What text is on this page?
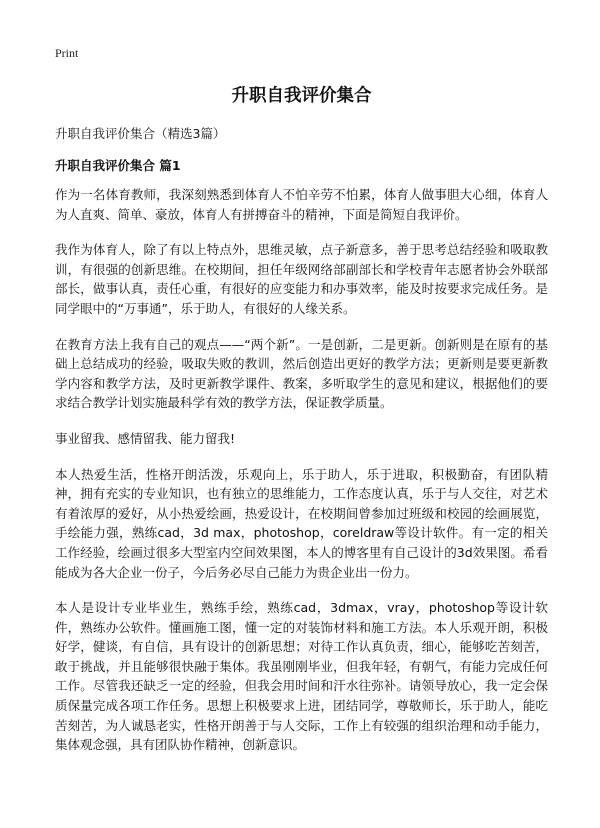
Print
升职自我评价集合

升职自我评价集合（精选3篇）

升职自我评价集合 篇1

作为一名体育教师，我深刻熟悉到体育人不怕辛劳不怕累，体育人做事胆大心细，体育人为人直爽、简单、豪放，体育人有拼搏奋斗的精神，下面是简短自我评价。

我作为体育人，除了有以上特点外，思维灵敏，点子新意多，善于思考总结经验和吸取教训，有很强的创新思维。在校期间，担任年级网络部副部长和学校青年志愿者协会外联部部长，做事认真，责任心重，有很好的应变能力和办事效率，能及时按要求完成任务。是同学眼中的“万事通”，乐于助人，有很好的人缘关系。

在教育方法上我有自己的观点——“两个新”。一是创新，二是更新。创新则是在原有的基础上总结成功的经验，吸取失败的教训，然后创造出更好的教学方法；更新则是要更新教学内容和教学方法，及时更新教学课件、教案，多听取学生的意见和建议，根据他们的要求结合教学计划实施最科学有效的教学方法，保证教学质量。

事业留我、感情留我、能力留我!

本人热爱生活，性格开朗活泼，乐观向上，乐于助人，乐于进取，积极勤奋，有团队精神，拥有充实的专业知识，也有独立的思维能力，工作态度认真，乐于与人交往，对艺术有着浓厚的爱好，从小热爱绘画，热爱设计，在校期间曾参加过班级和校园的绘画展览，手绘能力强，熟练cad，3d max，photoshop，coreldraw等设计软件。有一定的相关工作经验，绘画过很多大型室内空间效果图，本人的博客里有自己设计的3d效果图。希看能成为各大企业一份子，今后务必尽自己能力为贵企业出一份力。

本人是设计专业毕业生，熟练手绘，熟练cad，3dmax，vray，photoshop等设计软件，熟练办公软件。懂画施工图，懂一定的对装饰材料和施工方法。本人乐观开朗，积极好学，健谈，有自信，具有设计的创新思想；对待工作认真负责，细心，能够吃苦刻苦，敢于挑战，并且能够很快融于集体。我虽刚刚毕业，但我年轻，有朝气，有能力完成任何工作。尽管我还缺乏一定的经验，但我会用时间和汗水往弥补。请领导放心，我一定会保质保量完成各项工作任务。思想上积极要求上进，团结同学，尊敬师长，乐于助人，能吃苦刻苦，为人诚恳老实，性格开朗善于与人交际，工作上有较强的组织治理和动手能力，集体观念强，具有团队协作精神，创新意识。
